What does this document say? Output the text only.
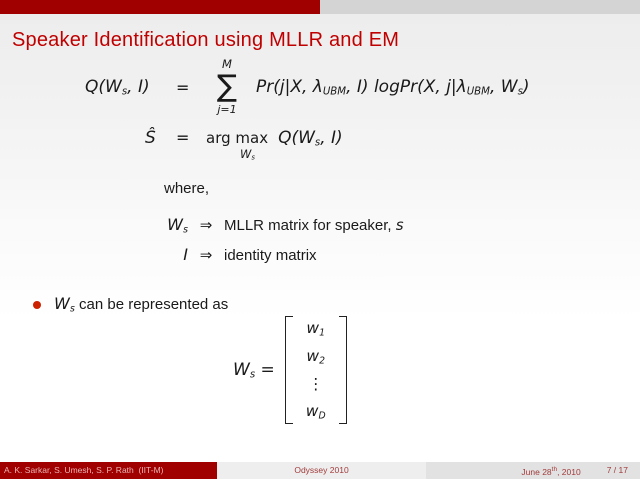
Speaker Identification using MLLR and EM
Q(Ws, I)	=
M
∑
j=1
Pr(j|X, λUBM, I) logPr(X, j|λUBM, Ws)
Ŝ	=	arg max
Ws
Q(Ws, I)
where,
Ws ⇒ MLLR matrix for speaker, s
I ⇒ identity matrix
Ws can be represented as
Ws =
w1
w2
⋮
wD
A. K. Sarkar, S. Umesh, S. P. Rath  (IIT-M)	Odyssey 2010	June 28th, 2010	7 / 17
